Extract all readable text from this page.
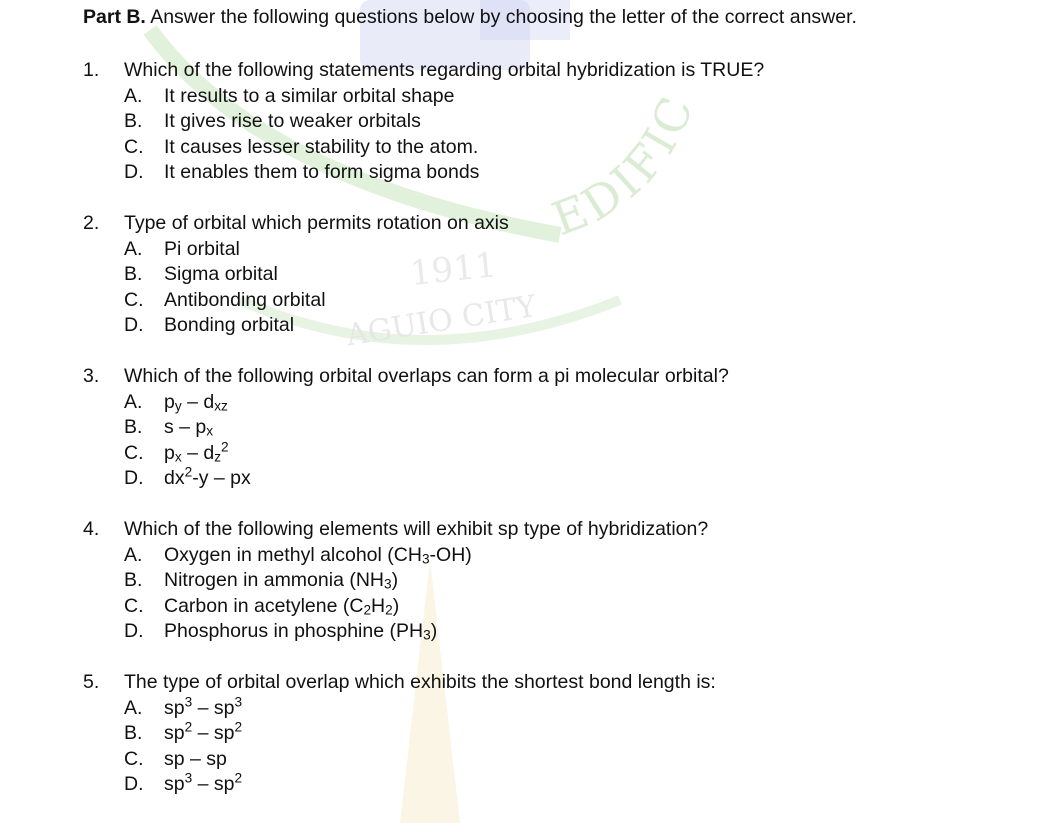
EDIFIC
1911
AGUIO CITY
Part B. Answer the following questions below by choosing the letter of the correct answer.
1. Which of the following statements regarding orbital hybridization is TRUE?
A. It results to a similar orbital shape
B. It gives rise to weaker orbitals
C. It causes lesser stability to the atom.
D. It enables them to form sigma bonds
2. Type of orbital which permits rotation on axis
A. Pi orbital
B. Sigma orbital
C. Antibonding orbital
D. Bonding orbital
3. Which of the following orbital overlaps can form a pi molecular orbital?
A. $p_y - d_{xz}$
B. s – $p_x$
C. $p_x - d_z^2$
D. $dx^2-y$ – px
4. Which of the following elements will exhibit sp type of hybridization?
A. Oxygen in methyl alcohol $(CH_3-OH)$
B. Nitrogen in ammonia $(NH_3)$
C. Carbon in acetylene $(C_2H_2)$
D. Phosphorus in phosphine $(PH_3)$
5. The type of orbital overlap which exhibits the shortest bond length is:
A. $sp^3 - sp^3$
B. $sp^2 - sp^2$
C. sp – sp
D. $sp^3 - sp^2$
